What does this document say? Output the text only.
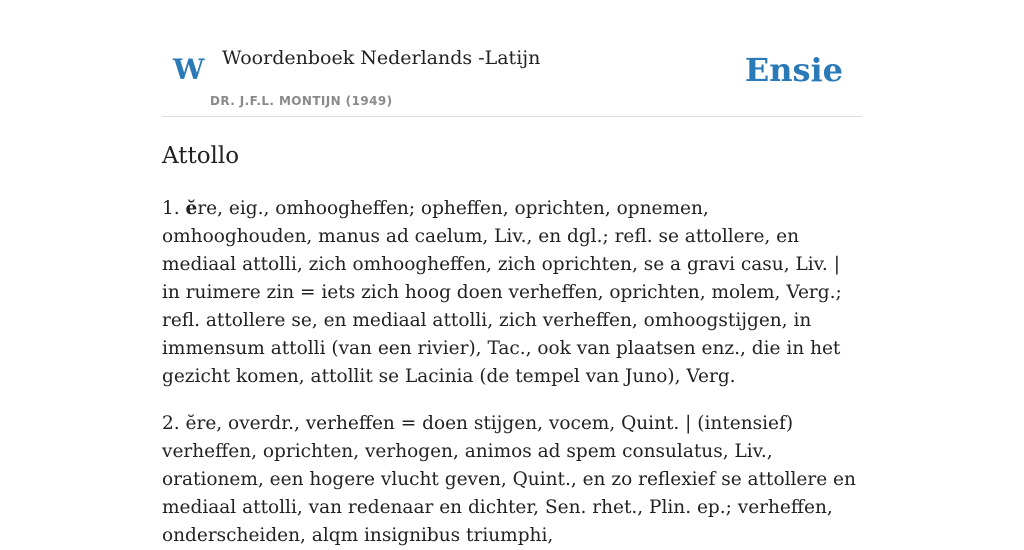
W Woordenboek Nederlands -Latijn
DR. J.F.L. MONTIJN (1949)
Ensie
Attollo

1. ĕre, eig., omhoogheffen; opheffen, oprichten, opnemen, omhooghouden, manus ad caelum, Liv., en dgl.; refl. se attollere, en mediaal attolli, zich omhoogheffen, zich oprichten, se a gravi casu, Liv. | in ruimere zin = iets zich hoog doen verheffen, oprichten, molem, Verg.; refl. attollere se, en mediaal attolli, zich verheffen, omhoogstijgen, in immensum attolli (van een rivier), Tac., ook van plaatsen enz., die in het gezicht komen, attollit se Lacinia (de tempel van Juno), Verg.

2. ĕre, overdr., verheffen = doen stijgen, vocem, Quint. | (intensief) verheffen, oprichten, verhogen, animos ad spem consulatus, Liv., orationem, een hogere vlucht geven, Quint., en zo reflexief se attollere en mediaal attolli, van redenaar en dichter, Sen. rhet., Plin. ep.; verheffen, onderscheiden, alqm insignibus triumphi,
